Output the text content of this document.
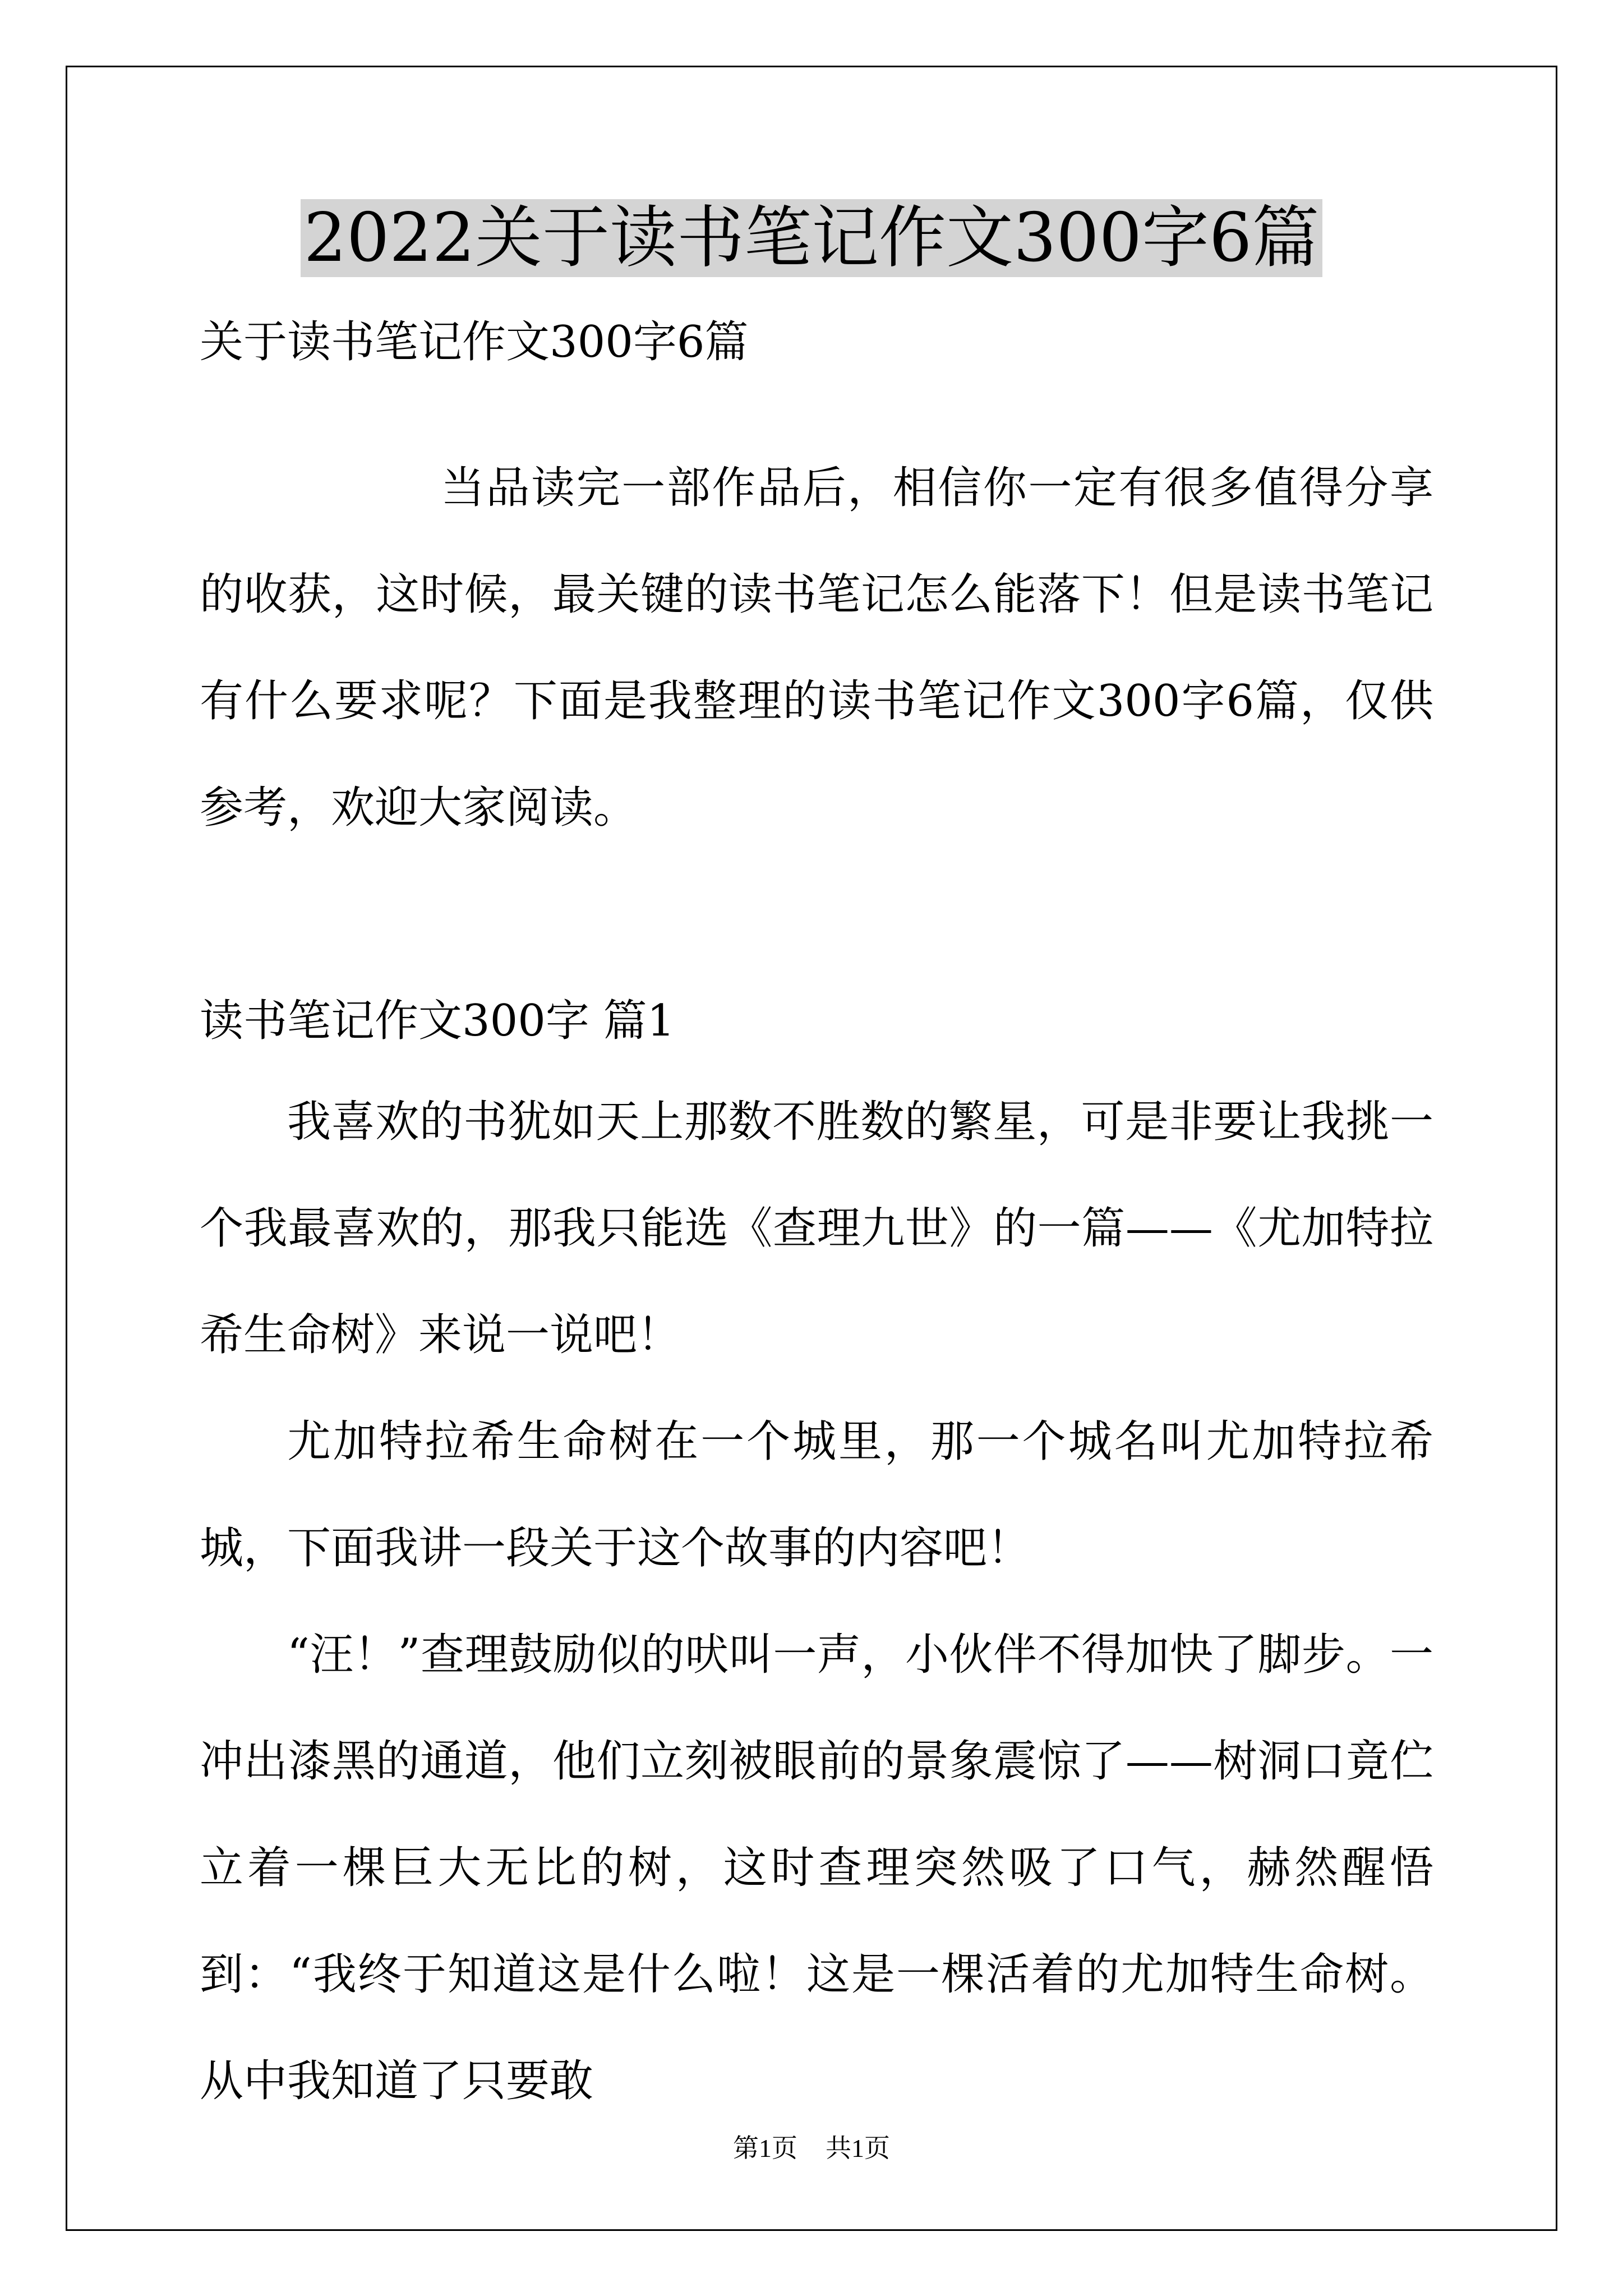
2022关于读书笔记作文300字6篇

关于读书笔记作文300字6篇

当品读完一部作品后，相信你一定有很多值得分享的收获，这时候，最关键的读书笔记怎么能落下！但是读书笔记有什么要求呢？下面是我整理的读书笔记作文300字6篇，仅供参考，欢迎大家阅读。

读书笔记作文300字 篇1

我喜欢的书犹如天上那数不胜数的繁星，可是非要让我挑一个我最喜欢的，那我只能选《查理九世》的一篇——《尤加特拉希生命树》来说一说吧！

尤加特拉希生命树在一个城里，那一个城名叫尤加特拉希城，下面我讲一段关于这个故事的内容吧！

“汪！”查理鼓励似的吠叫一声，小伙伴不得加快了脚步。一冲出漆黑的通道，他们立刻被眼前的景象震惊了——树洞口竟伫立着一棵巨大无比的树，这时查理突然吸了口气，赫然醒悟到：“我终于知道这是什么啦！这是一棵活着的尤加特生命树。从中我知道了只要敢

第1页 共1页
